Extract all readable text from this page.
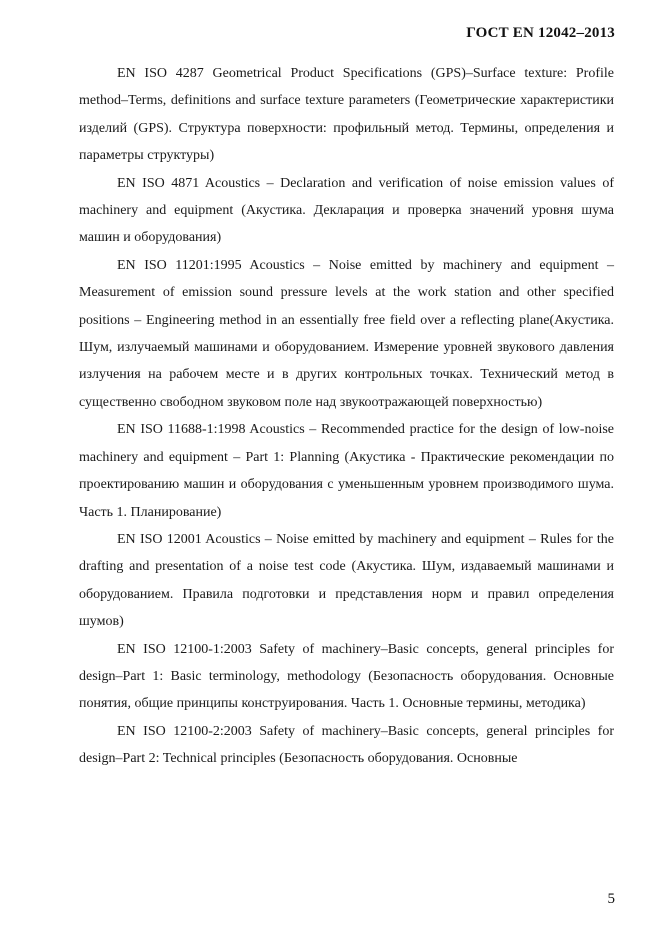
ГОСТ EN 12042–2013

EN ISO 4287 Geometrical Product Specifications (GPS)–Surface texture: Profile method–Terms, definitions and surface texture parameters (Геометрические характеристики изделий (GPS). Структура поверхности: профильный метод. Термины, определения и параметры структуры)

EN ISO 4871 Acoustics – Declaration and verification of noise emission values of machinery and equipment (Акустика. Декларация и проверка значений уровня шума машин и оборудования)

EN ISO 11201:1995 Acoustics – Noise emitted by machinery and equipment – Measurement of emission sound pressure levels at the work station and other specified positions – Engineering method in an essentially free field over a reflecting plane(Акустика. Шум, излучаемый машинами и оборудованием. Измерение уровней звукового давления излучения на рабочем месте и в других контрольных точках. Технический метод в существенно свободном звуковом поле над звукоотражающей поверхностью)

EN ISO 11688-1:1998 Acoustics – Recommended practice for the design of low-noise machinery and equipment – Part 1: Planning (Акустика - Практические рекомендации по проектированию машин и оборудования с уменьшенным уровнем производимого шума. Часть 1. Планирование)

EN ISO 12001 Acoustics – Noise emitted by machinery and equipment – Rules for the drafting and presentation of a noise test code (Акустика. Шум, издаваемый машинами и оборудованием. Правила подготовки и представления норм и правил определения шумов)

EN ISO 12100-1:2003 Safety of machinery–Basic concepts, general principles for design–Part 1: Basic terminology, methodology (Безопасность оборудования. Основные понятия, общие принципы конструирования. Часть 1. Основные термины, методика)

EN ISO 12100-2:2003 Safety of machinery–Basic concepts, general principles for design–Part 2: Technical principles (Безопасность оборудования. Основные

5
